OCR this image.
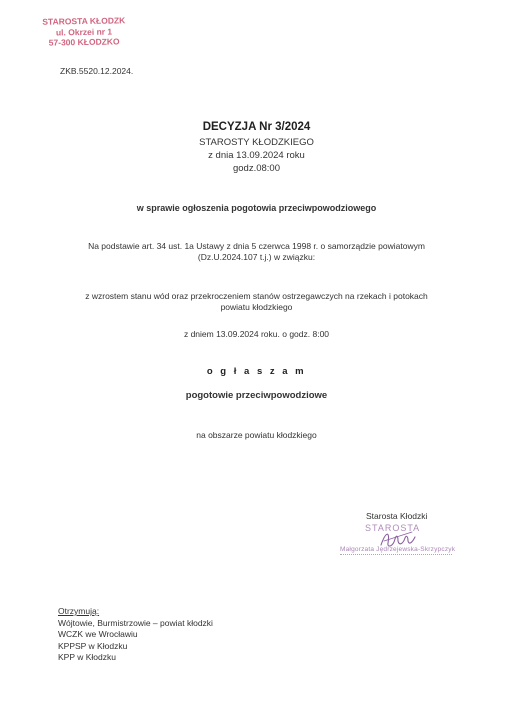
STAROSTA KŁODZK
ul. Okrzei nr 1
57-300 KŁODZKO
ZKB.5520.12.2024.
DECYZJA Nr 3/2024
STAROSTY KŁODZKIEGO
z dnia 13.09.2024 roku
godz.08:00
w sprawie ogłoszenia pogotowia przeciwpowodziowego
Na podstawie art. 34 ust. 1a Ustawy z dnia 5 czerwca 1998 r. o samorządzie powiatowym
(Dz.U.2024.107 t.j.) w związku:
z wzrostem stanu wód oraz przekroczeniem stanów ostrzegawczych na rzekach i potokach
powiatu kłodzkiego
z dniem 13.09.2024 roku. o godz. 8:00
o g ł a s z a m
pogotowie przeciwpowodziowe
na obszarze powiatu kłodzkiego
Starosta Kłodzki
STAROSTA
Małgorzata Jędrzejewska-Skrzypczyk
Otrzymują:
Wójtowie, Burmistrzowie – powiat kłodzki
WCZK we Wrocławiu
KPPSP w Kłodzku
KPP w Kłodzku
